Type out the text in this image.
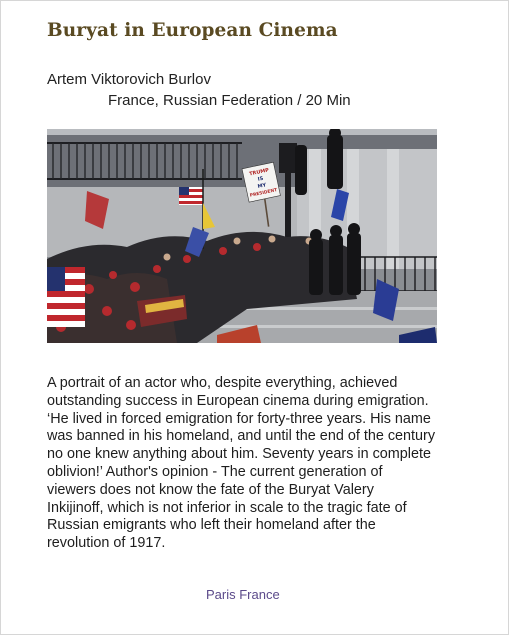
Buryat in European Cinema
Artem Viktorovich Burlov
France, Russian Federation / 20 Min
TRUMP
IS
MY
PRESIDENT

A portrait of an actor who, despite everything, achieved
outstanding success in European cinema during emigration.
‘He lived in forced emigration for forty-three years. His name
was banned in his homeland, and until the end of the century
no one knew anything about him. Seventy years in complete
oblivion!’ Author's opinion - The current generation of
viewers does not know the fate of the Buryat Valery
Inkijinoff, which is not inferior in scale to the tragic fate of
Russian emigrants who left their homeland after the
revolution of 1917.

Paris France
